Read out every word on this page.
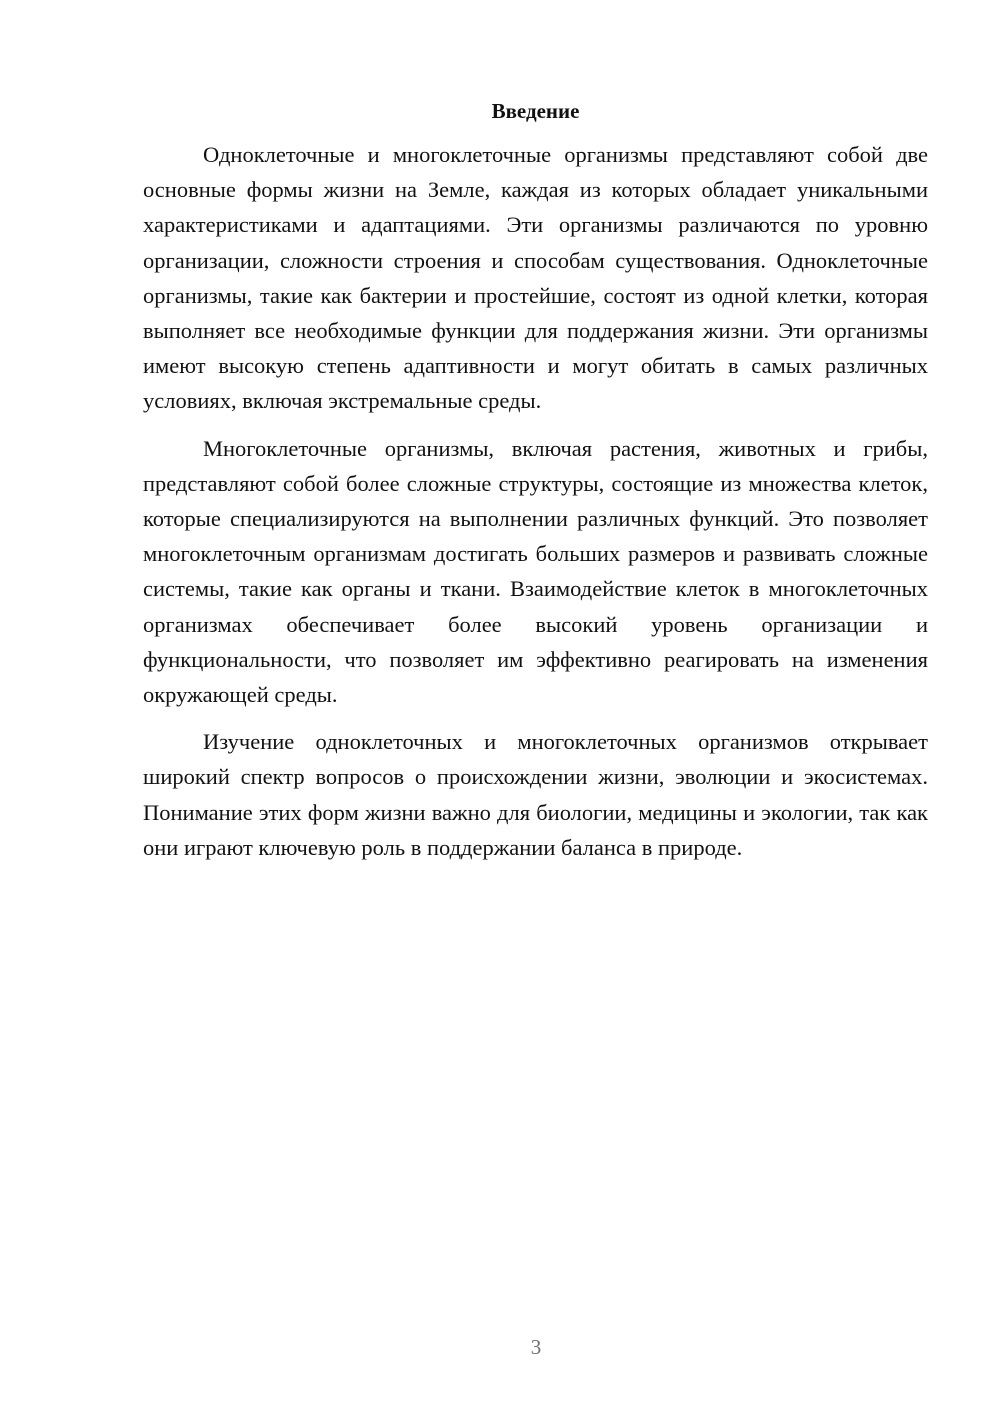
Введение

Одноклеточные и многоклеточные организмы представляют собой две основные формы жизни на Земле, каждая из которых обладает уникальными характеристиками и адаптациями. Эти организмы различаются по уровню организации, сложности строения и способам существования. Одноклеточные организмы, такие как бактерии и простейшие, состоят из одной клетки, которая выполняет все необходимые функции для поддержания жизни. Эти организмы имеют высокую степень адаптивности и могут обитать в самых различных условиях, включая экстремальные среды.

Многоклеточные организмы, включая растения, животных и грибы, представляют собой более сложные структуры, состоящие из множества клеток, которые специализируются на выполнении различных функций. Это позволяет многоклеточным организмам достигать больших размеров и развивать сложные системы, такие как органы и ткани. Взаимодействие клеток в многоклеточных организмах обеспечивает более высокий уровень организации и функциональности, что позволяет им эффективно реагировать на изменения окружающей среды.

Изучение одноклеточных и многоклеточных организмов открывает широкий спектр вопросов о происхождении жизни, эволюции и экосистемах. Понимание этих форм жизни важно для биологии, медицины и экологии, так как они играют ключевую роль в поддержании баланса в природе.

3
